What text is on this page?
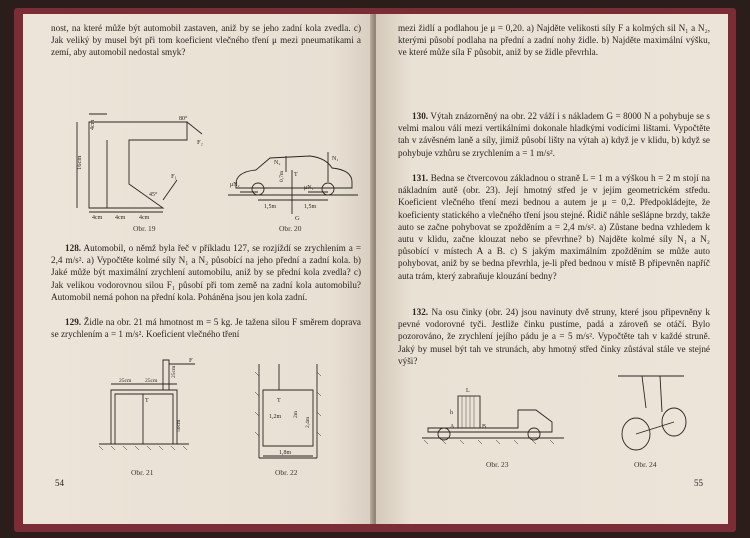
nost, na které může být automobil zastaven, aniž by se jeho zadní kola zvedla. c) Jak veliký by musel být při tom koeficient vlečného tření μ mezi pneumatikami a zemí, aby automobil nedostal smyk?

16cm
4cm
80°
F₂
F₁
45°
4cm 4cm 4cm
Obr. 19
N₂
N₁
μN₂	μN₁
1,5m	1,5m
G
T
0,7m
Obr. 20

128. Automobil, o němž byla řeč v příkladu 127, se rozjíždí se zrychlením a = 2,4 m/s². a) Vypočtěte kolmé síly N₁ a N₂ působící na jeho přední a zadní kola. b) Jaké může být maximální zrychlení automobilu, aniž by se přední kola zvedla? c) Jak velikou vodorovnou silou F₁ působí při tom země na zadní kola automobilu? Automobil nemá pohon na přední kola. Poháněna jsou jen kola zadní.

129. Židle na obr. 21 má hmotnost m = 5 kg. Je tažena silou F směrem doprava se zrychlením a = 1 m/s². Koeficient vlečného tření

F
25cm	25cm
25cm
T
50cm
Obr. 21
T
1,2m 2m
2,4m
1,8m
Obr. 22
54

mezi židlí a podlahou je μ = 0,20. a) Najděte velikosti síly F a kolmých sil N₁ a N₂, kterými působí podlaha na přední a zadní nohy židle. b) Najděte maximální výšku, ve které může síla F působit, aniž by se židle převrhla.

130. Výtah znázorněný na obr. 22 váží i s nákladem G = 8000 N a pohybuje se s velmi malou válí mezi vertikálními dokonale hladkými vodícími lištami. Vypočtěte tah v závěsném laně a síly, jimiž působí lišty na výtah a) když je v klidu, b) když se pohybuje vzhůru se zrychlením a = 1 m/s².

131. Bedna se čtvercovou základnou o straně L = 1 m a výškou h = 2 m stojí na nákladním autě (obr. 23). Její hmotný střed je v jejím geometrickém středu. Koeficient vlečného tření mezi bednou a autem je μ = 0,2. Předpokládejte, že koeficienty statického a vlečného tření jsou stejné. Řidič náhle sešlápne brzdy, takže auto se začne pohybovat se zpožděním a = 2,4 m/s². a) Zůstane bedna vzhledem k autu v klidu, začne klouzat nebo se převrhne? b) Najděte kolmé síly N₁ a N₂ působící v místech A a B. c) S jakým maximálním zpožděním se může auto pohybovat, aniž by se bedna převrhla, je-li před bednou v místě B připevněn napříč auta trám, který zabraňuje klouzání bedny?

132. Na osu činky (obr. 24) jsou navinuty dvě struny, které jsou připevněny k pevné vodorovné tyči. Jestliže činku pustíme, padá a zároveň se otáčí. Bylo pozorováno, že zrychlení jejího pádu je a = 5 m/s². Vypočtěte tah v každé struně. Jaký by musel být tah ve strunách, aby hmotný střed činky zůstával stále ve stejné výši?

L
h
A	B
Obr. 23	Obr. 24
55
